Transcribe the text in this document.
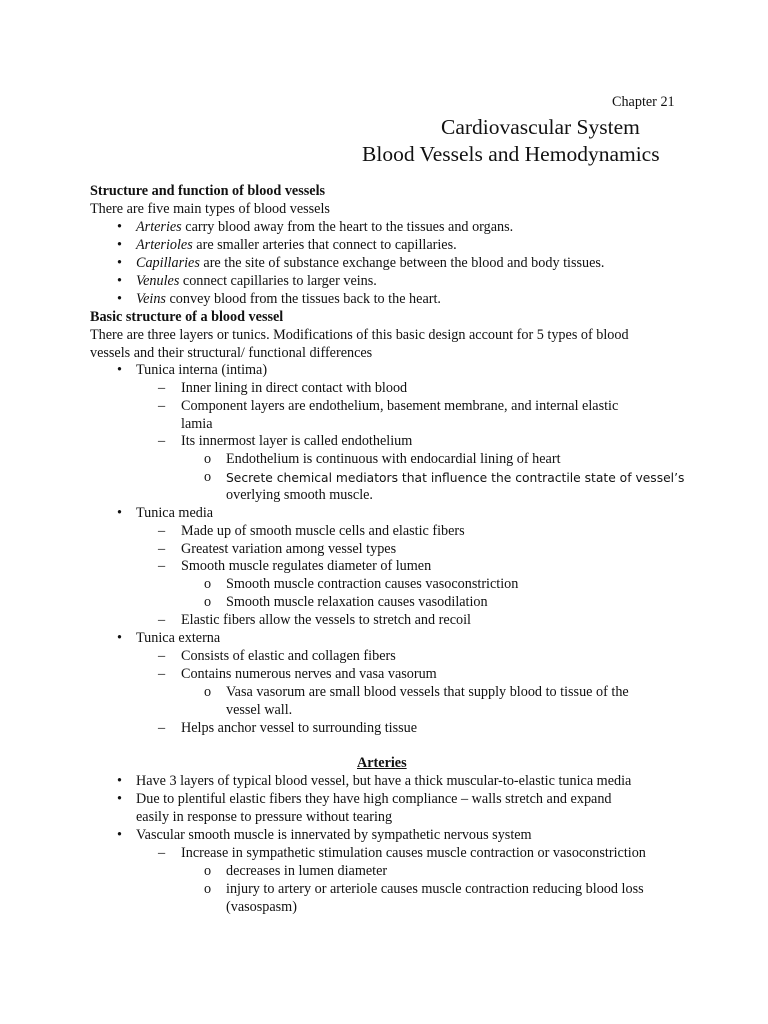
Chapter 21
Cardiovascular System
Blood Vessels and Hemodynamics
Structure and function of blood vessels
There are five main types of blood vessels
• Arteries carry blood away from the heart to the tissues and organs.
• Arterioles are smaller arteries that connect to capillaries.
• Capillaries are the site of substance exchange between the blood and body tissues.
• Venules connect capillaries to larger veins.
• Veins convey blood from the tissues back to the heart.
Basic structure of a blood vessel
There are three layers or tunics. Modifications of this basic design account for 5 types of blood
vessels and their structural/ functional differences
• Tunica interna (intima)
– Inner lining in direct contact with blood
– Component layers are endothelium, basement membrane, and internal elastic
lamia
– Its innermost layer is called endothelium
o Endothelium is continuous with endocardial lining of heart
o Secrete chemical mediators that influence the contractile state of vessel’s
overlying smooth muscle.
• Tunica media
– Made up of smooth muscle cells and elastic fibers
– Greatest variation among vessel types
– Smooth muscle regulates diameter of lumen
o Smooth muscle contraction causes vasoconstriction
o Smooth muscle relaxation causes vasodilation
– Elastic fibers allow the vessels to stretch and recoil
• Tunica externa
– Consists of elastic and collagen fibers
– Contains numerous nerves and vasa vasorum
o Vasa vasorum are small blood vessels that supply blood to tissue of the
vessel wall.
– Helps anchor vessel to surrounding tissue
Arteries
• Have 3 layers of typical blood vessel, but have a thick muscular-to-elastic tunica media
• Due to plentiful elastic fibers they have high compliance – walls stretch and expand
easily in response to pressure without tearing
• Vascular smooth muscle is innervated by sympathetic nervous system
– Increase in sympathetic stimulation causes muscle contraction or vasoconstriction
o decreases in lumen diameter
o injury to artery or arteriole causes muscle contraction reducing blood loss
(vasospasm)
